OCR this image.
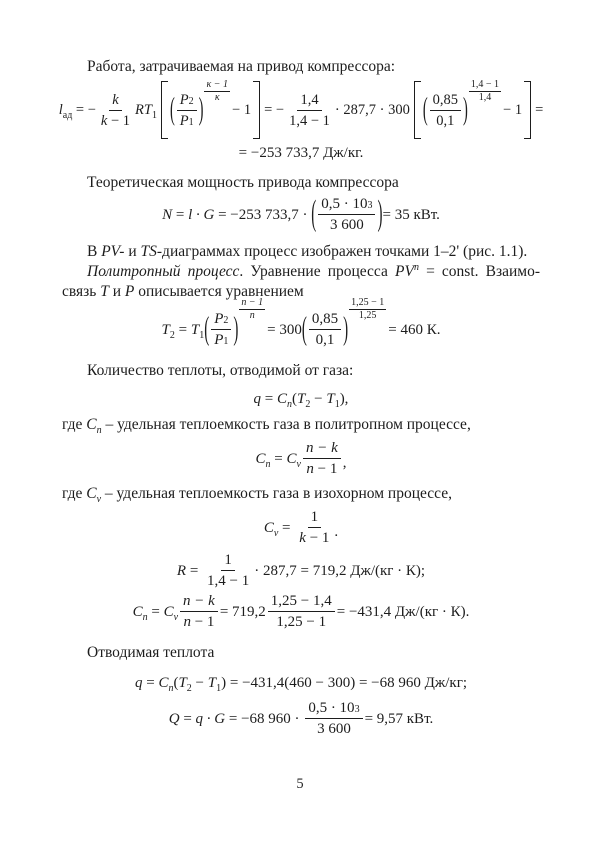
Работа, затрачиваемая на привод компрессора:

$l_{ад}$ = − $\frac{k}{k - 1} RT_1$ ( $\frac{P 2}{P 1}$ )
$\frac{\kappa - 1}{\kappa}$
− 1 = − $\frac{1,4}{1,4 - 1} \cdot 287,7 \cdot 300$ ( $\frac{0,85}{0,1}$ )
$\frac{1,4 - 1}{1,4}$
− 1 =
= −253 733,7 Дж/кг.

Теоретическая мощность привода компрессора

N = l · G = −253 733,7 · ( $\frac{0,5 \cdot 10 3}{3 600}$ ) = 35 кВт.

В PV- и TS-диаграммах процесс изображен точками 1–2' (рис. 1.1).

Политропный процесс. Уравнение процесса $PV^n$ = const. Взаимо-

связь T и P описывается уравнением

$T_2 = T_1$ ( $\frac{P 2}{P 1}$ )
$\frac{n - 1}{n}$
= 300 ( $\frac{0,85}{0,1}$ )
$\frac{1,25 - 1}{1,25}$
= 460 К.

Количество теплоты, отводимой от газа:

$q = C_n(T_2 - T_1)$,

где $C_n$ – удельная теплоемкость газа в политропном процессе,

$C_n = C_v \frac{n - k}{n - 1}$ ,

где $C_v$ – удельная теплоемкость газа в изохорном процессе,

$C_v = \frac{1}{k - 1}$ .
$R = \frac{1}{1,4 - 1} \cdot 287,7 = 719,2$ Дж/(кг · К);
$C_n = C_v \frac{n - k}{n - 1} = 719,2 \frac{1,25 - 1,4}{1,25 - 1} = -431,4$ Дж/(кг · К).

Отводимая теплота

$q = C_n(T_2 - T_1) = -431,4(460 - 300) = -68$ 960 Дж/кг;
Q = q · G = −68 $960 \cdot \frac{0,5 \cdot 10 3}{3 600} = 9,57$ кВт.
5
